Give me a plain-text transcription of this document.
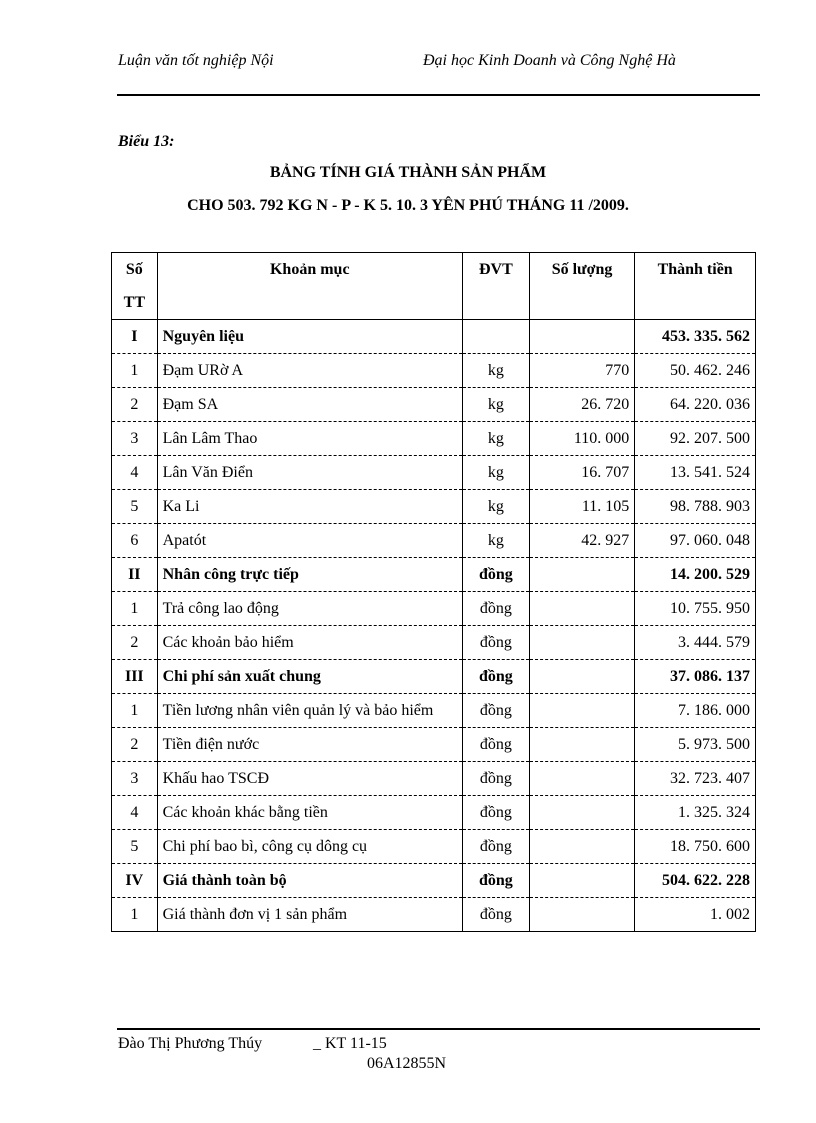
Luận văn tốt nghiệp Nội	Đại học Kinh Doanh và Công Nghệ Hà
Biểu 13:
BẢNG TÍNH GIÁ THÀNH SẢN PHẨM
CHO 503. 792 KG N - P - K 5. 10. 3 YÊN PHÚ THÁNG 11 /2009.
Số TT	Khoản mục	ĐVT	Số lượng	Thành tiền
I	Nguyên liệu			453. 335. 562
1	Đạm URờ A	kg	770	50. 462. 246
2	Đạm SA	kg	26. 720	64. 220. 036
3	Lân Lâm Thao	kg	110. 000	92. 207. 500
4	Lân Văn Điển	kg	16. 707	13. 541. 524
5	Ka Li	kg	11. 105	98. 788. 903
6	Apatót	kg	42. 927	97. 060. 048
II	Nhân công trực tiếp	đồng		14. 200. 529
1	Trả công lao động	đồng		10. 755. 950
2	Các khoản bảo hiểm	đồng		3. 444. 579
III	Chi phí sản xuất chung	đồng		37. 086. 137
1	Tiền lương nhân viên quản lý và bảo hiểm	đồng		7. 186. 000
2	Tiền điện nước	đồng		5. 973. 500
3	Khấu hao TSCĐ	đồng		32. 723. 407
4	Các khoản khác bằng tiền	đồng		1. 325. 324
5	Chi phí bao bì, công cụ dông cụ	đồng		18. 750. 600
IV	Giá thành toàn bộ	đồng		504. 622. 228
1	Giá thành đơn vị 1 sản phẩm	đồng		1. 002
Đào Thị Phương Thúy	_ KT 11-15
06A12855N
